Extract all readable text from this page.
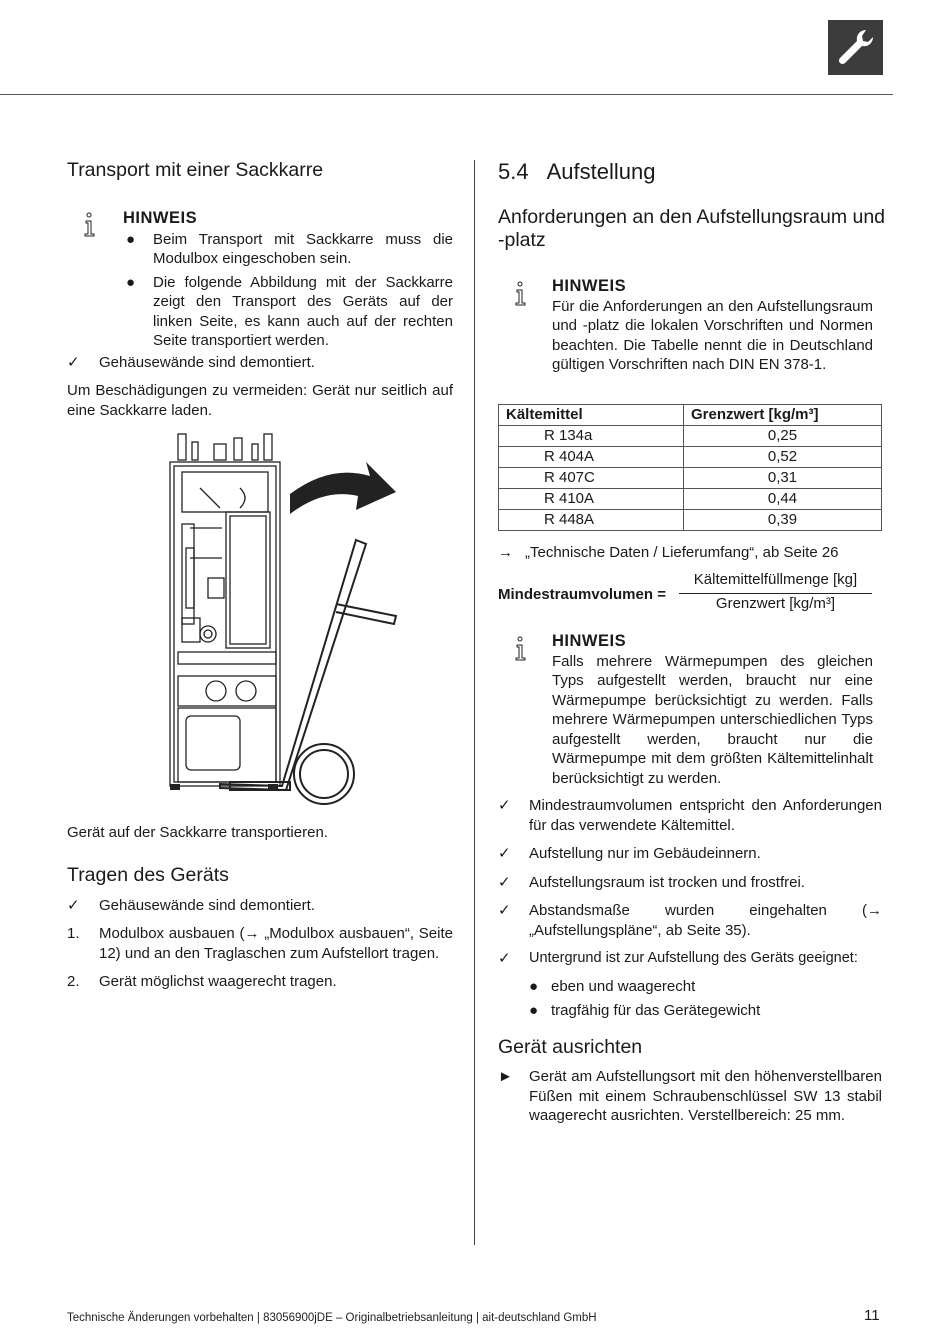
Transport mit einer Sackkarre
HINWEIS
●	Beim Transport mit Sackkarre muss die Modulbox eingeschoben sein.
●	Die folgende Abbildung mit der Sackkarre zeigt den Transport des Geräts auf der linken Seite, es kann auch auf der rechten Seite transportiert werden.
✓	Gehäusewände sind demontiert.
Um Beschädigungen zu vermeiden: Gerät nur seitlich auf eine Sackkarre laden.
Gerät auf der Sackkarre transportieren.
Tragen des Geräts
✓	Gehäusewände sind demontiert.
1.	Modulbox ausbauen (→ „Modulbox ausbauen“, Seite 12) und an den Traglaschen zum Aufstellort tragen.
2.	Gerät möglichst waagerecht tragen.
5.4 Aufstellung
Anforderungen an den Aufstellungsraum und -platz
HINWEIS
Für die Anforderungen an den Aufstellungsraum und -platz die lokalen Vorschriften und Normen beachten. Die Tabelle nennt die in Deutschland gültigen Vorschriften nach DIN EN 378-1.
Kältemittel	Grenzwert [kg/m³]
R 134a	0,25
R 404A	0,52
R 407C	0,31
R 410A	0,44
R 448A	0,39
→ „Technische Daten / Lieferumfang“, ab Seite 26
Mindestraumvolumen =
Kältemittelfüllmenge [kg]
Grenzwert [kg/m³]
HINWEIS
Falls mehrere Wärmepumpen des gleichen Typs aufgestellt werden, braucht nur eine Wärmepumpe berücksichtigt zu werden. Falls mehrere Wärmepumpen unterschiedlichen Typs aufgestellt werden, braucht nur die Wärmepumpe mit dem größten Kältemittelinhalt berücksichtigt zu werden.
✓	Mindestraumvolumen entspricht den Anforderungen für das verwendete Kältemittel.
✓	Aufstellung nur im Gebäudeinnern.
✓	Aufstellungsraum ist trocken und frostfrei.
✓	Abstandsmaße wurden eingehalten (→ „Aufstellungspläne“, ab Seite 35).
✓	Untergrund ist zur Aufstellung des Geräts geeignet:
● eben und waagerecht
● tragfähig für das Gerätegewicht
Gerät ausrichten
►	Gerät am Aufstellungsort mit den höhenverstellbaren Füßen mit einem Schraubenschlüssel SW 13 stabil waagerecht ausrichten. Verstellbereich: 25 mm.
Technische Änderungen vorbehalten | 83056900jDE – Originalbetriebsanleitung | ait-deutschland GmbH	11
